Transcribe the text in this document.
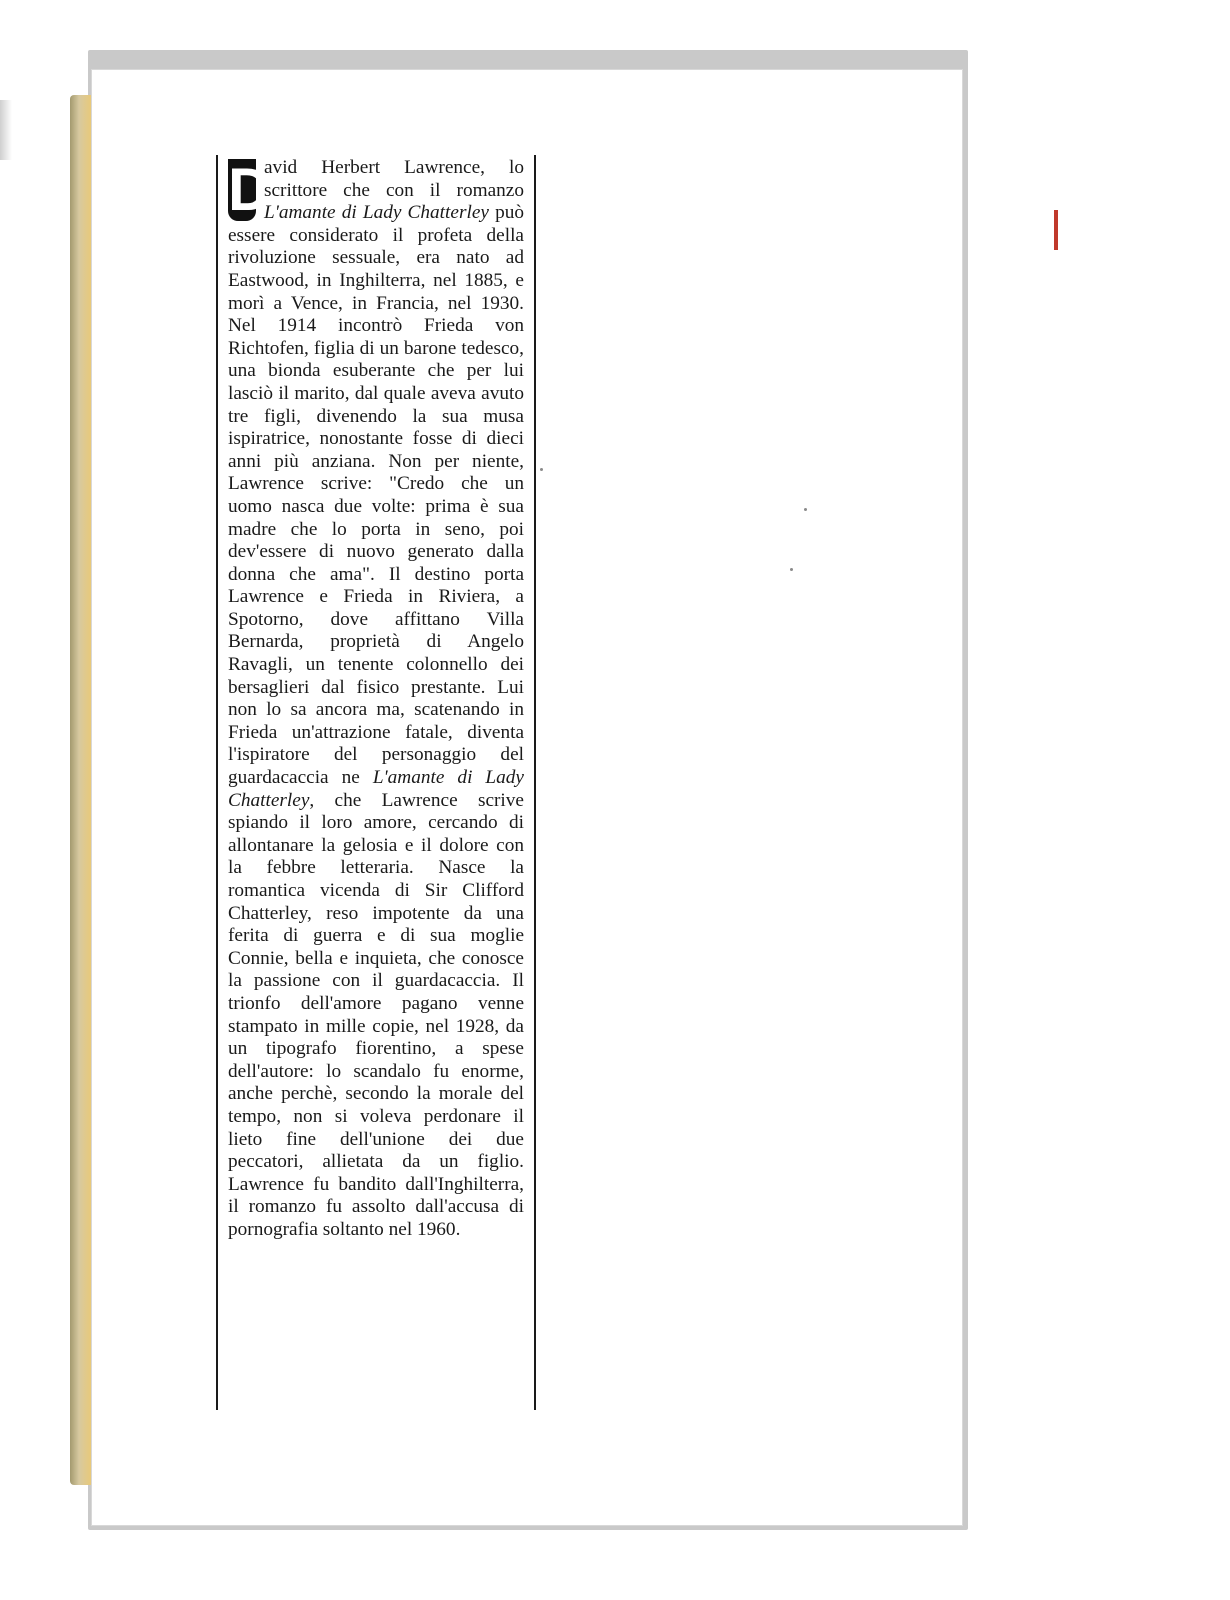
D
avid Herbert Lawrence, lo scrittore che con il romanzo L'amante di Lady Chatterley può essere considerato il profeta della rivoluzione sessuale, era nato ad Eastwood, in Inghilterra, nel 1885, e morì a Vence, in Francia, nel 1930. Nel 1914 incontrò Frieda von Richtofen, figlia di un barone tedesco, una bionda esuberante che per lui lasciò il marito, dal quale aveva avuto tre figli, divenendo la sua musa ispiratrice, nonostante fosse di dieci anni più anziana. Non per niente, Lawrence scrive: "Credo che un uomo nasca due volte: prima è sua madre che lo porta in seno, poi dev'essere di nuovo generato dalla donna che ama". Il destino porta Lawrence e Frieda in Riviera, a Spotorno, dove affittano Villa Bernarda, proprietà di Angelo Ravagli, un tenente colonnello dei bersaglieri dal fisico prestante. Lui non lo sa ancora ma, scatenando in Frieda un'attrazione fatale, diventa l'ispiratore del personaggio del guardacaccia ne L'amante di Lady Chatterley, che Lawrence scrive spiando il loro amore, cercando di allontanare la gelosia e il dolore con la febbre letteraria. Nasce la romantica vicenda di Sir Clifford Chatterley, reso impotente da una ferita di guerra e di sua moglie Connie, bella e inquieta, che conosce la passione con il guardacaccia. Il trionfo dell'amore pagano venne stampato in mille copie, nel 1928, da un tipografo fiorentino, a spese dell'autore: lo scandalo fu enorme, anche perchè, secondo la morale del tempo, non si voleva perdonare il lieto fine dell'unione dei due peccatori, allietata da un figlio. Lawrence fu bandito dall'Inghilterra, il romanzo fu assolto dall'accusa di pornografia soltanto nel 1960.
